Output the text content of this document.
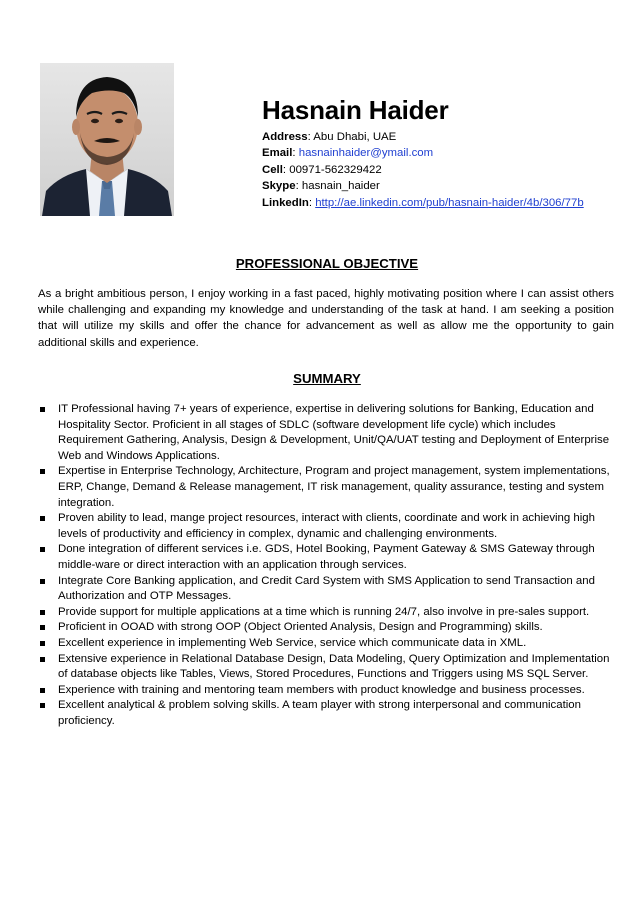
Hasnain Haider
Address: Abu Dhabi, UAE
Email: hasnainhaider@ymail.com
Cell: 00971-562329422
Skype: hasnain_haider
LinkedIn: http://ae.linkedin.com/pub/hasnain-haider/4b/306/77b
PROFESSIONAL OBJECTIVE

As a bright ambitious person, I enjoy working in a fast paced, highly motivating position where I can assist others while challenging and expanding my knowledge and understanding of the task at hand. I am seeking a position that will utilize my skills and offer the chance for advancement as well as allow me the opportunity to gain additional skills and experience.

SUMMARY
IT Professional having 7+ years of experience, expertise in delivering solutions for Banking, Education and Hospitality Sector. Proficient in all stages of SDLC (software development life cycle) which includes Requirement Gathering, Analysis, Design & Development, Unit/QA/UAT testing and Deployment of Enterprise Web and Windows Applications.
Expertise in Enterprise Technology, Architecture, Program and project management, system implementations, ERP, Change, Demand & Release management, IT risk management, quality assurance, testing and system integration.
Proven ability to lead, mange project resources, interact with clients, coordinate and work in achieving high levels of productivity and efficiency in complex, dynamic and challenging environments.
Done integration of different services i.e. GDS, Hotel Booking, Payment Gateway & SMS Gateway through middle-ware or direct interaction with an application through services.
Integrate Core Banking application, and Credit Card System with SMS Application to send Transaction and Authorization and OTP Messages.
Provide support for multiple applications at a time which is running 24/7, also involve in pre-sales support.
Proficient in OOAD with strong OOP (Object Oriented Analysis, Design and Programming) skills.
Excellent experience in implementing Web Service, service which communicate data in XML.
Extensive experience in Relational Database Design, Data Modeling, Query Optimization and Implementation of database objects like Tables, Views, Stored Procedures, Functions and Triggers using MS SQL Server.
Experience with training and mentoring team members with product knowledge and business processes.
Excellent analytical & problem solving skills. A team player with strong interpersonal and communication proficiency.
